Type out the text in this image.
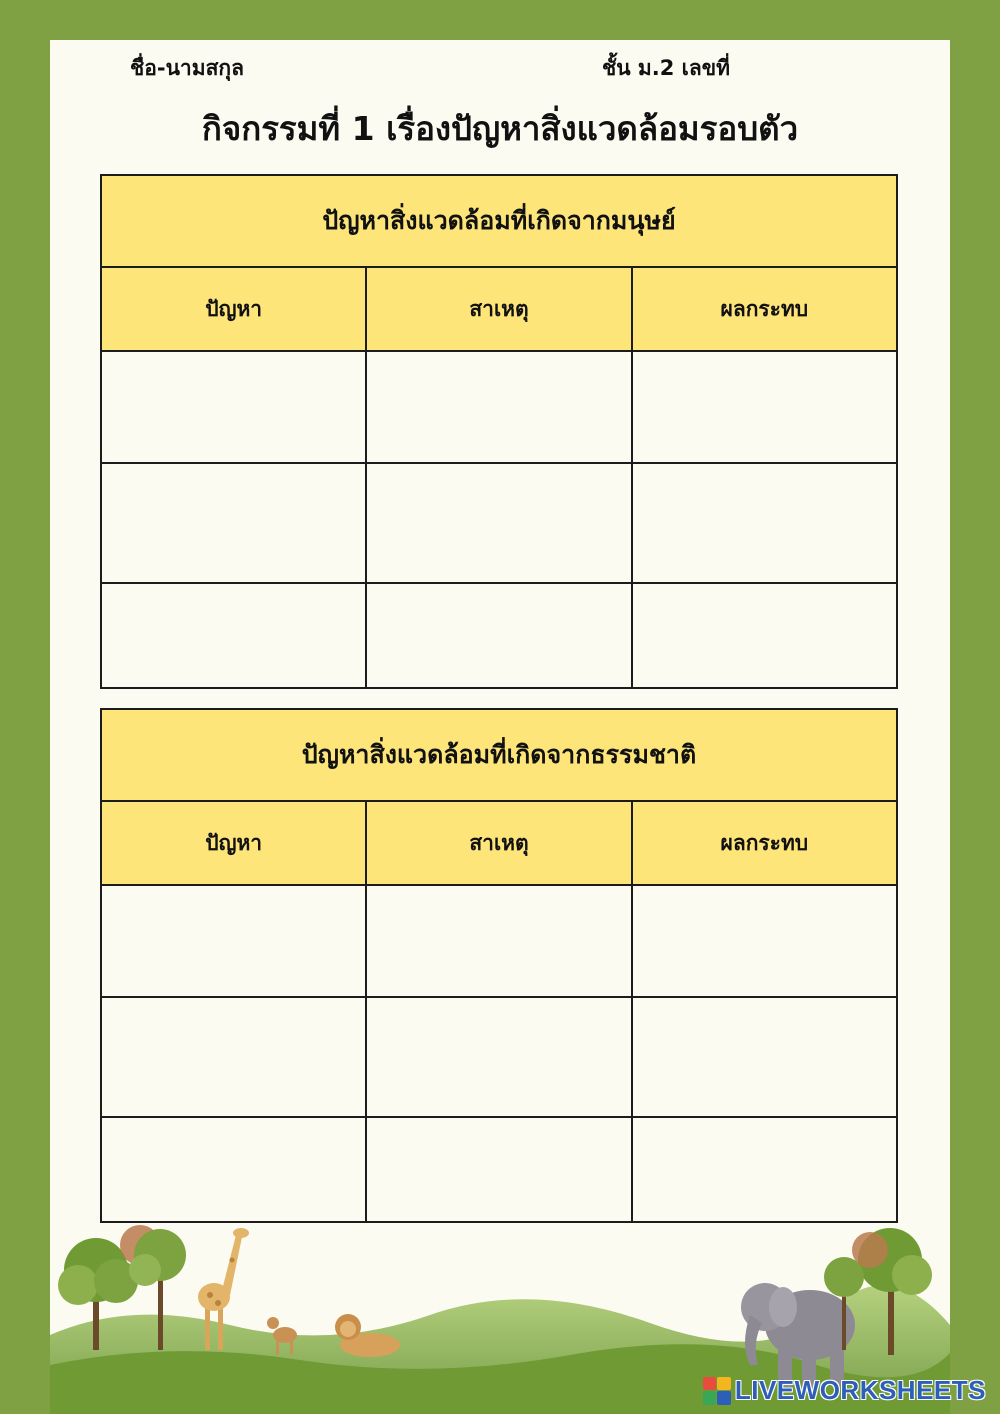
ชื่อ-นามสกุล	ชั้น ม.2 เลขที่
กิจกรรมที่ 1 เรื่องปัญหาสิ่งแวดล้อมรอบตัว
ปัญหาสิ่งแวดล้อมที่เกิดจากมนุษย์		
ปัญหา	สาเหตุ	ผลกระทบ

ปัญหาสิ่งแวดล้อมที่เกิดจากธรรมชาติ		
ปัญหา	สาเหตุ	ผลกระทบ

LIVEWORKSHEETS
